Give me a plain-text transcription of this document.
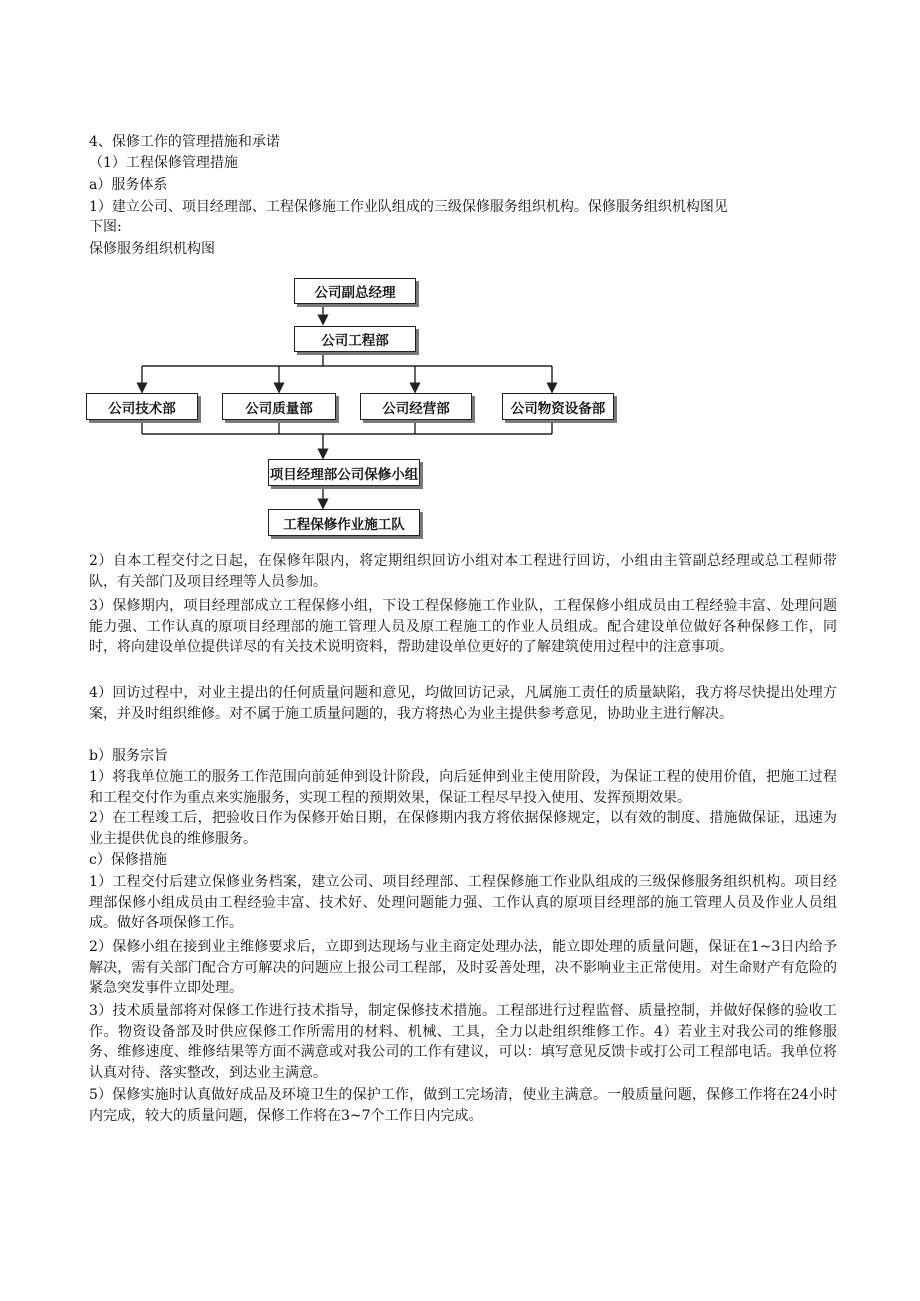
4、保修工作的管理措施和承诺
（1）工程保修管理措施
a）服务体系
1）建立公司、项目经理部、工程保修施工作业队组成的三级保修服务组织机构。保修服务组织机构图见
下图:
保修服务组织机构图
公司副总经理
公司工程部
公司技术部	公司质量部	公司经营部	公司物资设备部
项目经理部公司保修小组
工程保修作业施工队
2）自本工程交付之日起，在保修年限内，将定期组织回访小组对本工程进行回访，小组由主管副总经理或总工程师带队，有关部门及项目经理等人员参加。
3）保修期内，项目经理部成立工程保修小组，下设工程保修施工作业队，工程保修小组成员由工程经验丰富、处理问题能力强、工作认真的原项目经理部的施工管理人员及原工程施工的作业人员组成。配合建设单位做好各种保修工作，同时，将向建设单位提供详尽的有关技术说明资料，帮助建设单位更好的了解建筑使用过程中的注意事项。
4）回访过程中，对业主提出的任何质量问题和意见，均做回访记录，凡属施工责任的质量缺陷，我方将尽快提出处理方案，并及时组织维修。对不属于施工质量问题的，我方将热心为业主提供参考意见，协助业主进行解决。
b）服务宗旨
1）将我单位施工的服务工作范围向前延伸到设计阶段，向后延伸到业主使用阶段，为保证工程的使用价值，把施工过程和工程交付作为重点来实施服务，实现工程的预期效果，保证工程尽早投入使用、发挥预期效果。
2）在工程竣工后，把验收日作为保修开始日期，在保修期内我方将依据保修规定，以有效的制度、措施做保证，迅速为业主提供优良的维修服务。
c）保修措施
1）工程交付后建立保修业务档案，建立公司、项目经理部、工程保修施工作业队组成的三级保修服务组织机构。项目经理部保修小组成员由工程经验丰富、技术好、处理问题能力强、工作认真的原项目经理部的施工管理人员及作业人员组成。做好各项保修工作。
2）保修小组在接到业主维修要求后，立即到达现场与业主商定处理办法，能立即处理的质量问题，保证在1~3日内给予解决，需有关部门配合方可解决的问题应上报公司工程部，及时妥善处理，决不影响业主正常使用。对生命财产有危险的紧急突发事件立即处理。
3）技术质量部将对保修工作进行技术指导，制定保修技术措施。工程部进行过程监督、质量控制，并做好保修的验收工作。物资设备部及时供应保修工作所需用的材料、机械、工具，全力以赴组织维修工作。4）若业主对我公司的维修服务、维修速度、维修结果等方面不满意或对我公司的工作有建议，可以：填写意见反馈卡或打公司工程部电话。我单位将认真对待、落实整改，到达业主满意。
5）保修实施时认真做好成品及环境卫生的保护工作，做到工完场清，使业主满意。一般质量问题，保修工作将在24小时内完成，较大的质量问题，保修工作将在3~7个工作日内完成。
